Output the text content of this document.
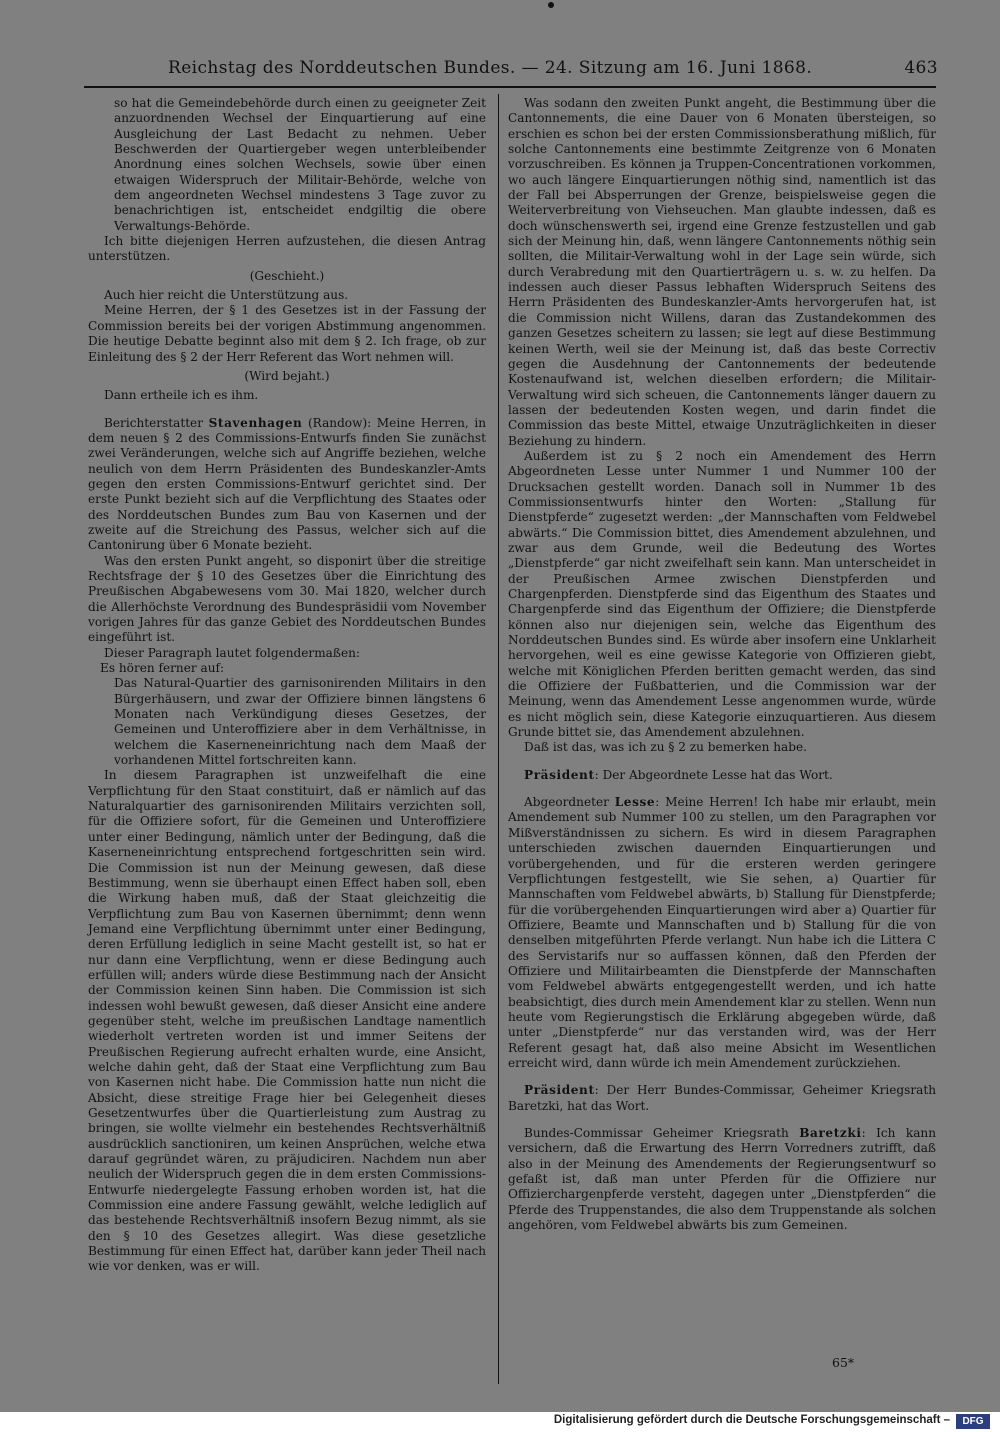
Reichstag des Norddeutschen Bundes. — 24. Sitzung am 16. Juni 1868.	463

so hat die Gemeindebehörde durch einen zu geeigneter Zeit anzuordnenden Wechsel der Einquartierung auf eine Ausgleichung der Last Bedacht zu nehmen. Ueber Beschwerden der Quartiergeber wegen unterbleibender Anordnung eines solchen Wechsels, sowie über einen etwaigen Widerspruch der Militair-Behörde, welche von dem angeordneten Wechsel mindestens 3 Tage zuvor zu benachrichtigen ist, entscheidet endgiltig die obere Verwaltungs-Behörde.

Ich bitte diejenigen Herren aufzustehen, die diesen Antrag unterstützen.

(Geschieht.)

Auch hier reicht die Unterstützung aus.

Meine Herren, der § 1 des Gesetzes ist in der Fassung der Commission bereits bei der vorigen Abstimmung angenommen. Die heutige Debatte beginnt also mit dem § 2. Ich frage, ob zur Einleitung des § 2 der Herr Referent das Wort nehmen will.

(Wird bejaht.)

Dann ertheile ich es ihm.

Berichterstatter Stavenhagen (Randow): Meine Herren, in dem neuen § 2 des Commissions-Entwurfs finden Sie zunächst zwei Veränderungen, welche sich auf Angriffe beziehen, welche neulich von dem Herrn Präsidenten des Bundeskanzler-Amts gegen den ersten Commissions-Entwurf gerichtet sind. Der erste Punkt bezieht sich auf die Verpflichtung des Staates oder des Norddeutschen Bundes zum Bau von Kasernen und der zweite auf die Streichung des Passus, welcher sich auf die Cantonirung über 6 Monate bezieht.

Was den ersten Punkt angeht, so disponirt über die streitige Rechtsfrage der § 10 des Gesetzes über die Einrichtung des Preußischen Abgabewesens vom 30. Mai 1820, welcher durch die Allerhöchste Verordnung des Bundespräsidii vom November vorigen Jahres für das ganze Gebiet des Norddeutschen Bundes eingeführt ist.

Dieser Paragraph lautet folgendermaßen:

Es hören ferner auf:

Das Natural-Quartier des garnisonirenden Militairs in den Bürgerhäusern, und zwar der Offiziere binnen längstens 6 Monaten nach Verkündigung dieses Gesetzes, der Gemeinen und Unteroffiziere aber in dem Verhältnisse, in welchem die Kaserneneinrichtung nach dem Maaß der vorhandenen Mittel fortschreiten kann.

In diesem Paragraphen ist unzweifelhaft die eine Verpflichtung für den Staat constituirt, daß er nämlich auf das Naturalquartier des garnisonirenden Militairs verzichten soll, für die Offiziere sofort, für die Gemeinen und Unteroffiziere unter einer Bedingung, nämlich unter der Bedingung, daß die Kaserneneinrichtung entsprechend fortgeschritten sein wird. Die Commission ist nun der Meinung gewesen, daß diese Bestimmung, wenn sie überhaupt einen Effect haben soll, eben die Wirkung haben muß, daß der Staat gleichzeitig die Verpflichtung zum Bau von Kasernen übernimmt; denn wenn Jemand eine Verpflichtung übernimmt unter einer Bedingung, deren Erfüllung lediglich in seine Macht gestellt ist, so hat er nur dann eine Verpflichtung, wenn er diese Bedingung auch erfüllen will; anders würde diese Bestimmung nach der Ansicht der Commission keinen Sinn haben. Die Commission ist sich indessen wohl bewußt gewesen, daß dieser Ansicht eine andere gegenüber steht, welche im preußischen Landtage namentlich wiederholt vertreten worden ist und immer Seitens der Preußischen Regierung aufrecht erhalten wurde, eine Ansicht, welche dahin geht, daß der Staat eine Verpflichtung zum Bau von Kasernen nicht habe. Die Commission hatte nun nicht die Absicht, diese streitige Frage hier bei Gelegenheit dieses Gesetzentwurfes über die Quartierleistung zum Austrag zu bringen, sie wollte vielmehr ein bestehendes Rechtsverhältniß ausdrücklich sanctioniren, um keinen Ansprüchen, welche etwa darauf gegründet wären, zu präjudiciren. Nachdem nun aber neulich der Widerspruch gegen die in dem ersten Commissions-Entwurfe niedergelegte Fassung erhoben worden ist, hat die Commission eine andere Fassung gewählt, welche lediglich auf das bestehende Rechtsverhältniß insofern Bezug nimmt, als sie den § 10 des Gesetzes allegirt. Was diese gesetzliche Bestimmung für einen Effect hat, darüber kann jeder Theil nach wie vor denken, was er will.

Was sodann den zweiten Punkt angeht, die Bestimmung über die Cantonnements, die eine Dauer von 6 Monaten übersteigen, so erschien es schon bei der ersten Commissionsberathung mißlich, für solche Cantonnements eine bestimmte Zeitgrenze von 6 Monaten vorzuschreiben. Es können ja Truppen-Concentrationen vorkommen, wo auch längere Einquartierungen nöthig sind, namentlich ist das der Fall bei Absperrungen der Grenze, beispielsweise gegen die Weiterverbreitung von Viehseuchen. Man glaubte indessen, daß es doch wünschenswerth sei, irgend eine Grenze festzustellen und gab sich der Meinung hin, daß, wenn längere Cantonnements nöthig sein sollten, die Militair-Verwaltung wohl in der Lage sein würde, sich durch Verabredung mit den Quartierträgern u. s. w. zu helfen. Da indessen auch dieser Passus lebhaften Widerspruch Seitens des Herrn Präsidenten des Bundeskanzler-Amts hervorgerufen hat, ist die Commission nicht Willens, daran das Zustandekommen des ganzen Gesetzes scheitern zu lassen; sie legt auf diese Bestimmung keinen Werth, weil sie der Meinung ist, daß das beste Correctiv gegen die Ausdehnung der Cantonnements der bedeutende Kostenaufwand ist, welchen dieselben erfordern; die Militair-Verwaltung wird sich scheuen, die Cantonnements länger dauern zu lassen der bedeutenden Kosten wegen, und darin findet die Commission das beste Mittel, etwaige Unzuträglichkeiten in dieser Beziehung zu hindern.

Außerdem ist zu § 2 noch ein Amendement des Herrn Abgeordneten Lesse unter Nummer 1 und Nummer 100 der Drucksachen gestellt worden. Danach soll in Nummer 1b des Commissionsentwurfs hinter den Worten: „Stallung für Dienstpferde“ zugesetzt werden: „der Mannschaften vom Feldwebel abwärts.“ Die Commission bittet, dies Amendement abzulehnen, und zwar aus dem Grunde, weil die Bedeutung des Wortes „Dienstpferde“ gar nicht zweifelhaft sein kann. Man unterscheidet in der Preußischen Armee zwischen Dienstpferden und Chargenpferden. Dienstpferde sind das Eigenthum des Staates und Chargenpferde sind das Eigenthum der Offiziere; die Dienstpferde können also nur diejenigen sein, welche das Eigenthum des Norddeutschen Bundes sind. Es würde aber insofern eine Unklarheit hervorgehen, weil es eine gewisse Kategorie von Offizieren giebt, welche mit Königlichen Pferden beritten gemacht werden, das sind die Offiziere der Fußbatterien, und die Commission war der Meinung, wenn das Amendement Lesse angenommen wurde, würde es nicht möglich sein, diese Kategorie einzuquartieren. Aus diesem Grunde bittet sie, das Amendement abzulehnen.

Daß ist das, was ich zu § 2 zu bemerken habe.

Präsident: Der Abgeordnete Lesse hat das Wort.

Abgeordneter Lesse: Meine Herren! Ich habe mir erlaubt, mein Amendement sub Nummer 100 zu stellen, um den Paragraphen vor Mißverständnissen zu sichern. Es wird in diesem Paragraphen unterschieden zwischen dauernden Einquartierungen und vorübergehenden, und für die ersteren werden geringere Verpflichtungen festgestellt, wie Sie sehen, a) Quartier für Mannschaften vom Feldwebel abwärts, b) Stallung für Dienstpferde; für die vorübergehenden Einquartierungen wird aber a) Quartier für Offiziere, Beamte und Mannschaften und b) Stallung für die von denselben mitgeführten Pferde verlangt. Nun habe ich die Littera C des Servistarifs nur so auffassen können, daß den Pferden der Offiziere und Militairbeamten die Dienstpferde der Mannschaften vom Feldwebel abwärts entgegengestellt werden, und ich hatte beabsichtigt, dies durch mein Amendement klar zu stellen. Wenn nun heute vom Regierungstisch die Erklärung abgegeben würde, daß unter „Dienstpferde“ nur das verstanden wird, was der Herr Referent gesagt hat, daß also meine Absicht im Wesentlichen erreicht wird, dann würde ich mein Amendement zurückziehen.

Präsident: Der Herr Bundes-Commissar, Geheimer Kriegsrath Baretzki, hat das Wort.

Bundes-Commissar Geheimer Kriegsrath Baretzki: Ich kann versichern, daß die Erwartung des Herrn Vorredners zutrifft, daß also in der Meinung des Amendements der Regierungsentwurf so gefaßt ist, daß man unter Pferden für die Offiziere nur Offizierchargenpferde versteht, dagegen unter „Dienstpferden“ die Pferde des Truppenstandes, die also dem Truppenstande als solchen angehören, vom Feldwebel abwärts bis zum Gemeinen.

65*
Digitalisierung gefördert durch die Deutsche Forschungsgemeinschaft –	DFG
